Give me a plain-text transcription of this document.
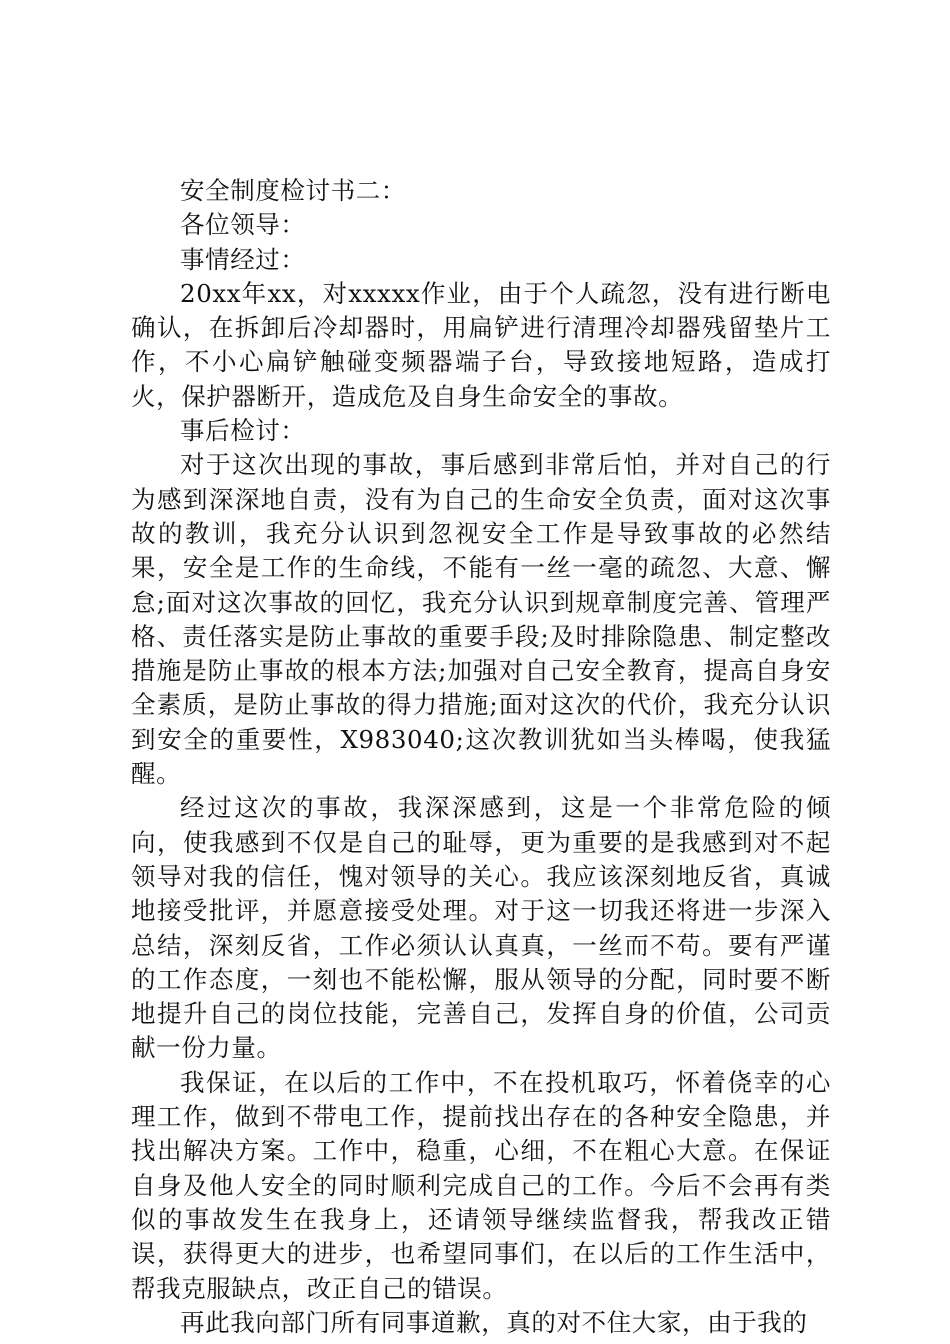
安全制度检讨书二：

各位领导：

事情经过：

20xx年xx，对xxxxx作业，由于个人疏忽，没有进行断电确认，在拆卸后冷却器时，用扁铲进行清理冷却器残留垫片工作，不小心扁铲触碰变频器端子台，导致接地短路，造成打火，保护器断开，造成危及自身生命安全的事故。

事后检讨：

对于这次出现的事故，事后感到非常后怕，并对自己的行为感到深深地自责，没有为自己的生命安全负责，面对这次事故的教训，我充分认识到忽视安全工作是导致事故的必然结果，安全是工作的生命线，不能有一丝一毫的疏忽、大意、懈怠;面对这次事故的回忆，我充分认识到规章制度完善、管理严格、责任落实是防止事故的重要手段;及时排除隐患、制定整改措施是防止事故的根本方法;加强对自己安全教育，提高自身安全素质，是防止事故的得力措施;面对这次的代价，我充分认识到安全的重要性，X983040;这次教训犹如当头棒喝，使我猛醒。

经过这次的事故，我深深感到，这是一个非常危险的倾向，使我感到不仅是自己的耻辱，更为重要的是我感到对不起领导对我的信任，愧对领导的关心。我应该深刻地反省，真诚地接受批评，并愿意接受处理。对于这一切我还将进一步深入总结，深刻反省，工作必须认认真真，一丝而不苟。要有严谨的工作态度，一刻也不能松懈，服从领导的分配，同时要不断地提升自己的岗位技能，完善自己，发挥自身的价值，公司贡献一份力量。

我保证，在以后的工作中，不在投机取巧，怀着侥幸的心理工作，做到不带电工作，提前找出存在的各种安全隐患，并找出解决方案。工作中，稳重，心细，不在粗心大意。在保证自身及他人安全的同时顺利完成自己的工作。今后不会再有类似的事故发生在我身上，还请领导继续监督我，帮我改正错误，获得更大的进步，也希望同事们，在以后的工作生活中，帮我克服缺点，改正自己的错误。

再此我向部门所有同事道歉，真的对不住大家，由于我的
